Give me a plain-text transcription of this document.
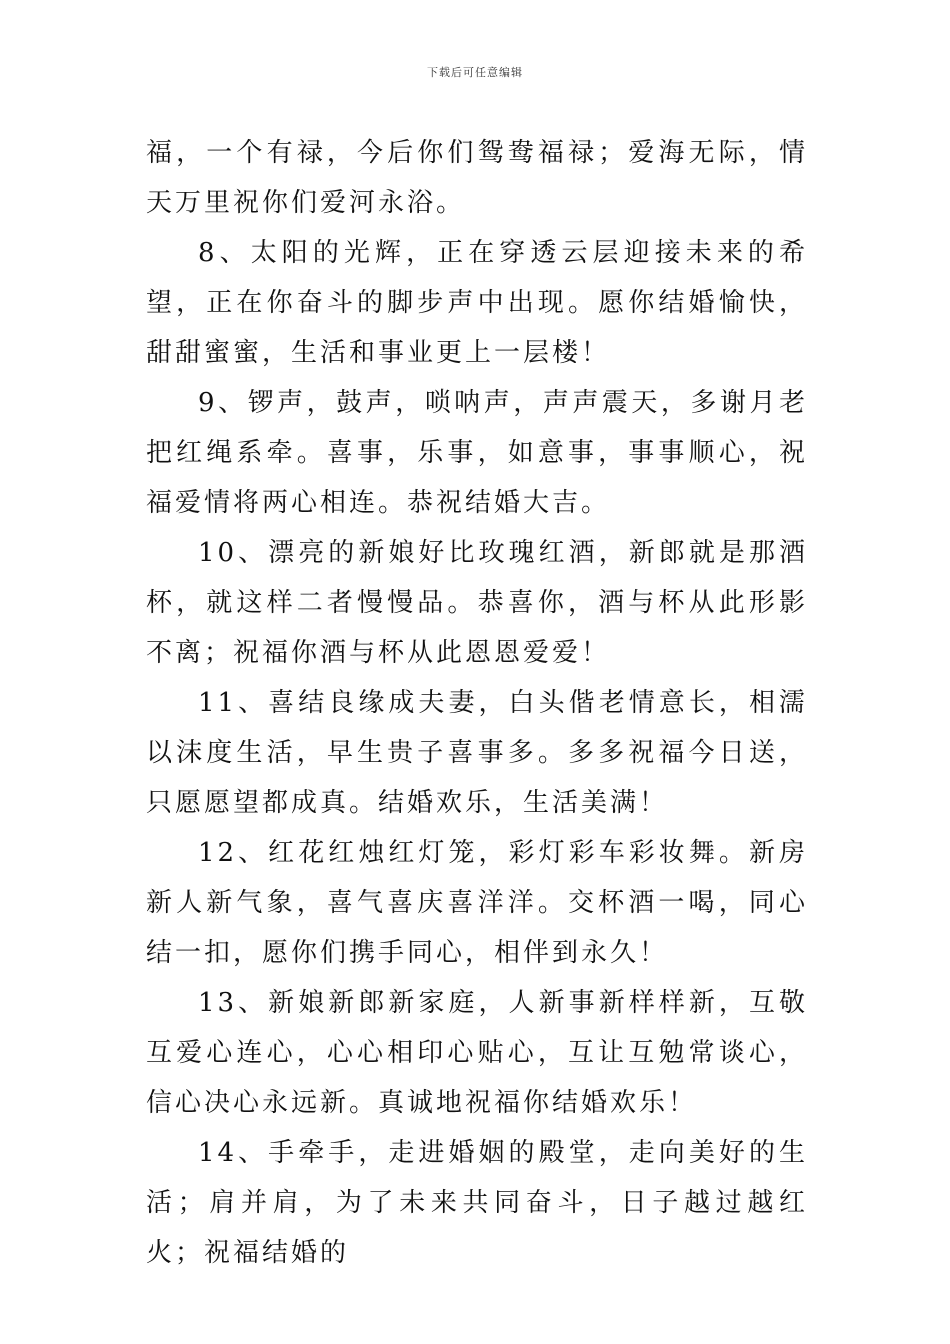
下载后可任意编辑

福，一个有禄，今后你们鸳鸯福禄；爱海无际，情天万里祝你们爱河永浴。

8、太阳的光辉，正在穿透云层迎接未来的希望，正在你奋斗的脚步声中出现。愿你结婚愉快，甜甜蜜蜜，生活和事业更上一层楼！

9、锣声，鼓声，唢呐声，声声震天，多谢月老把红绳系牵。喜事，乐事，如意事，事事顺心，祝福爱情将两心相连。恭祝结婚大吉。

10、漂亮的新娘好比玫瑰红酒，新郎就是那酒杯，就这样二者慢慢品。恭喜你，酒与杯从此形影不离；祝福你酒与杯从此恩恩爱爱！

11、喜结良缘成夫妻，白头偕老情意长，相濡以沫度生活，早生贵子喜事多。多多祝福今日送，只愿愿望都成真。结婚欢乐，生活美满！

12、红花红烛红灯笼，彩灯彩车彩妆舞。新房新人新气象，喜气喜庆喜洋洋。交杯酒一喝，同心结一扣，愿你们携手同心，相伴到永久！

13、新娘新郎新家庭，人新事新样样新，互敬互爱心连心，心心相印心贴心，互让互勉常谈心，信心决心永远新。真诚地祝福你结婚欢乐！

14、手牵手，走进婚姻的殿堂，走向美好的生活；肩并肩，为了未来共同奋斗，日子越过越红火；祝福结婚的
